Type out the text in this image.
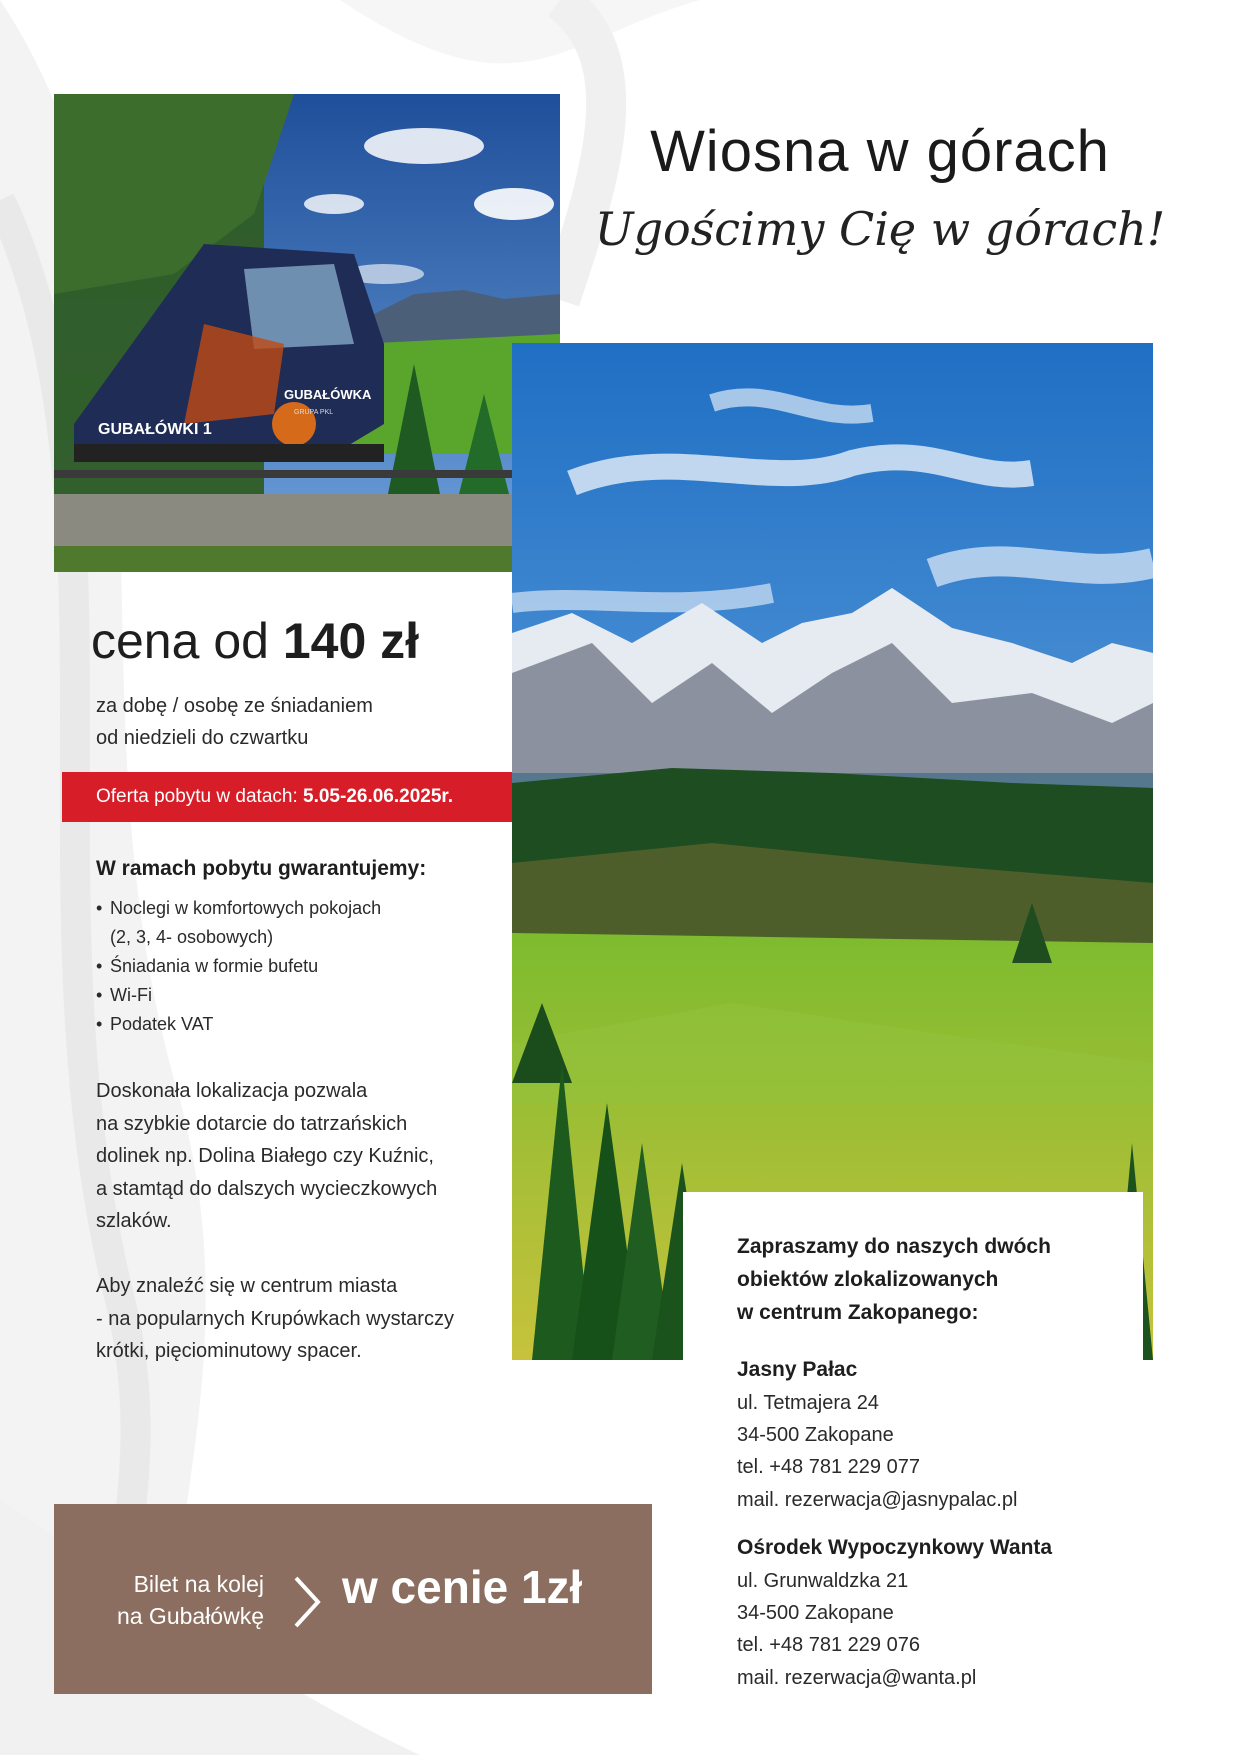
GUBAŁÓWKA
GRUPA PKL
GUBAŁÓWKI 1
Wiosna w górach

Ugościmy Cię w górach!

cena od 140 zł

za dobę / osobę ze śniadaniem
od niedzieli do czwartku

Oferta pobytu w datach: 5.05-26.06.2025r.

W ramach pobytu gwarantujemy:

• Noclegi w komfortowych pokojach
(2, 3, 4- osobowych)
• Śniadania w formie bufetu
• Wi-Fi
• Podatek VAT

Doskonała lokalizacja pozwala
na szybkie dotarcie do tatrzańskich
dolinek np. Dolina Białego czy Kuźnic,
a stamtąd do dalszych wycieczkowych
szlaków.

Aby znaleźć się w centrum miasta
- na popularnych Krupówkach wystarczy
krótki, pięciominutowy spacer.

Bilet na kolej
na Gubałówkę
w cenie 1zł

Zapraszamy do naszych dwóch
obiektów zlokalizowanych
w centrum Zakopanego:

Jasny Pałac

ul. Tetmajera 24

34-500 Zakopane

tel. +48 781 229 077

mail. rezerwacja@jasnypalac.pl

Ośrodek Wypoczynkowy Wanta

ul. Grunwaldzka 21

34-500 Zakopane

tel. +48 781 229 076

mail. rezerwacja@wanta.pl
